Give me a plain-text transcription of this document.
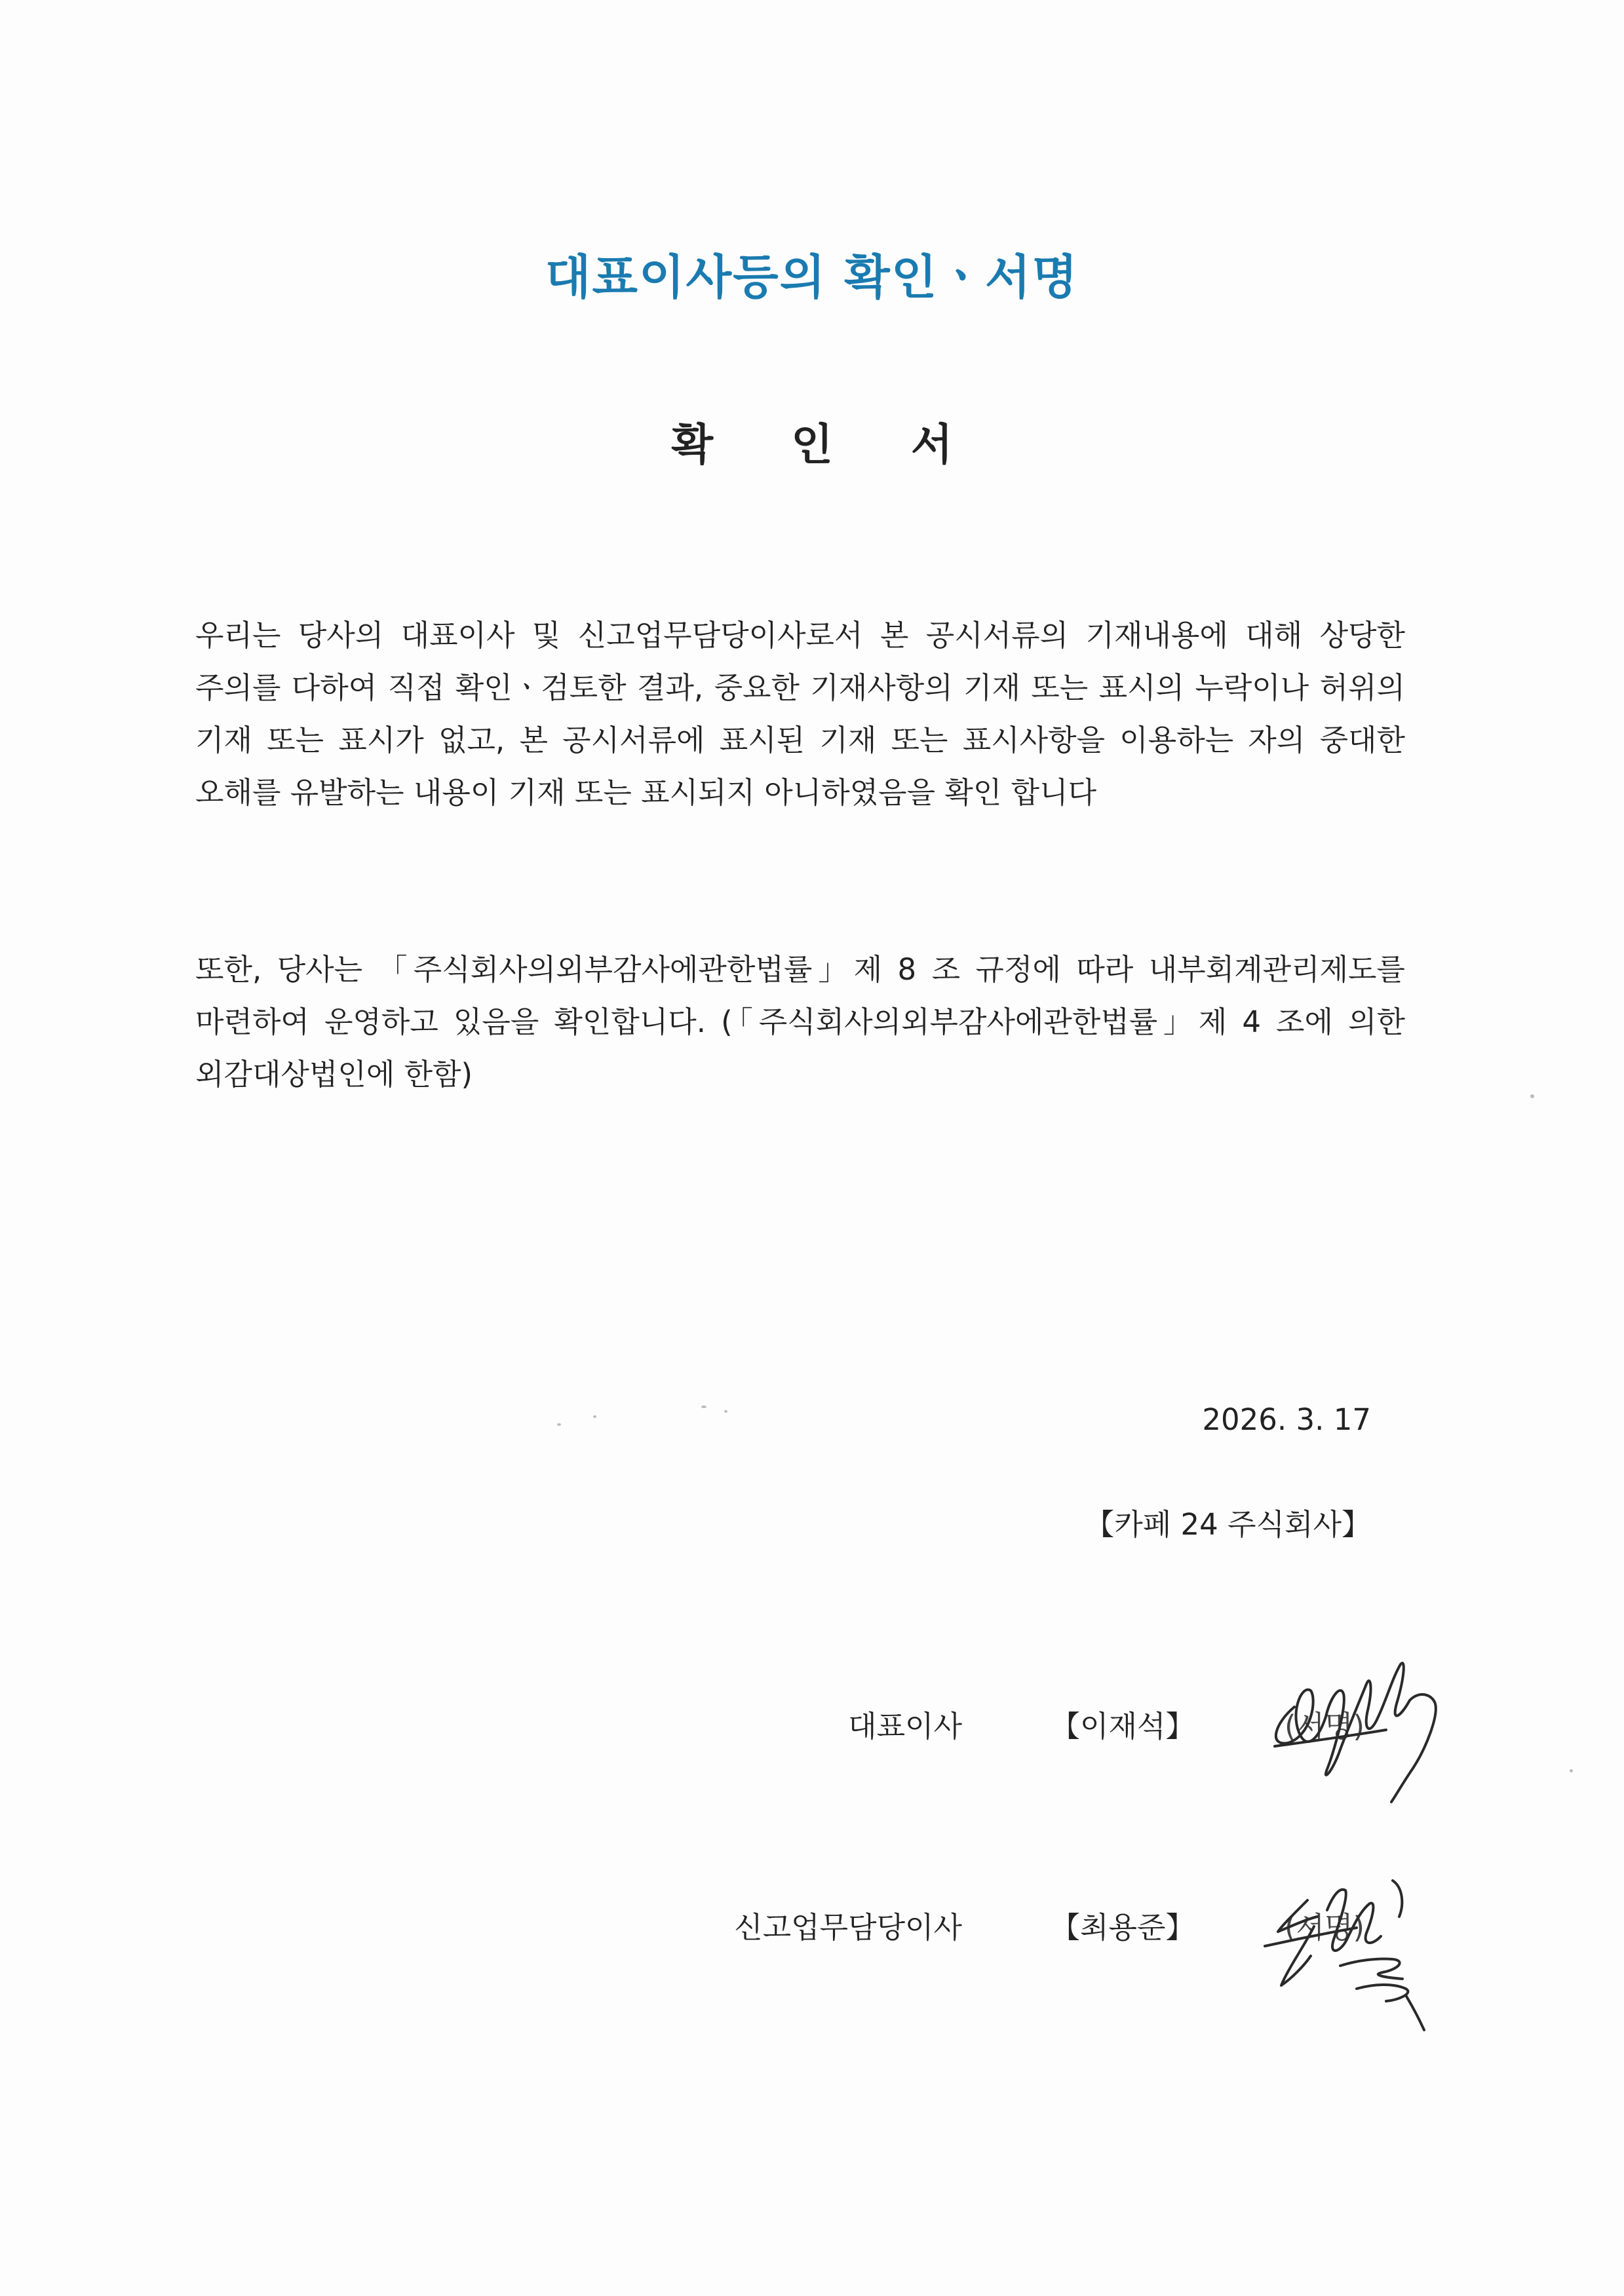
대표이사등의 확인ㆍ서명
확 인 서

우리는 당사의 대표이사 및 신고업무담당이사로서 본 공시서류의 기재내용에 대해 상당한 주의를 다하여 직접 확인ㆍ검토한 결과, 중요한 기재사항의 기재 또는 표시의 누락이나 허위의 기재 또는 표시가 없고, 본 공시서류에 표시된 기재 또는 표시사항을 이용하는 자의 중대한 오해를 유발하는 내용이 기재 또는 표시되지 아니하였음을 확인 합니다

또한, 당사는 「주식회사의외부감사에관한법률」제 8 조 규정에 따라 내부회계관리제도를 마련하여 운영하고 있음을 확인합니다. (「주식회사의외부감사에관한법률」제 4 조에 의한 외감대상법인에 한함)

2026. 3. 17

【카페 24 주식회사】

대표이사	【이재석】	(서명)
신고업무담당이사	【최용준】	(서명)
